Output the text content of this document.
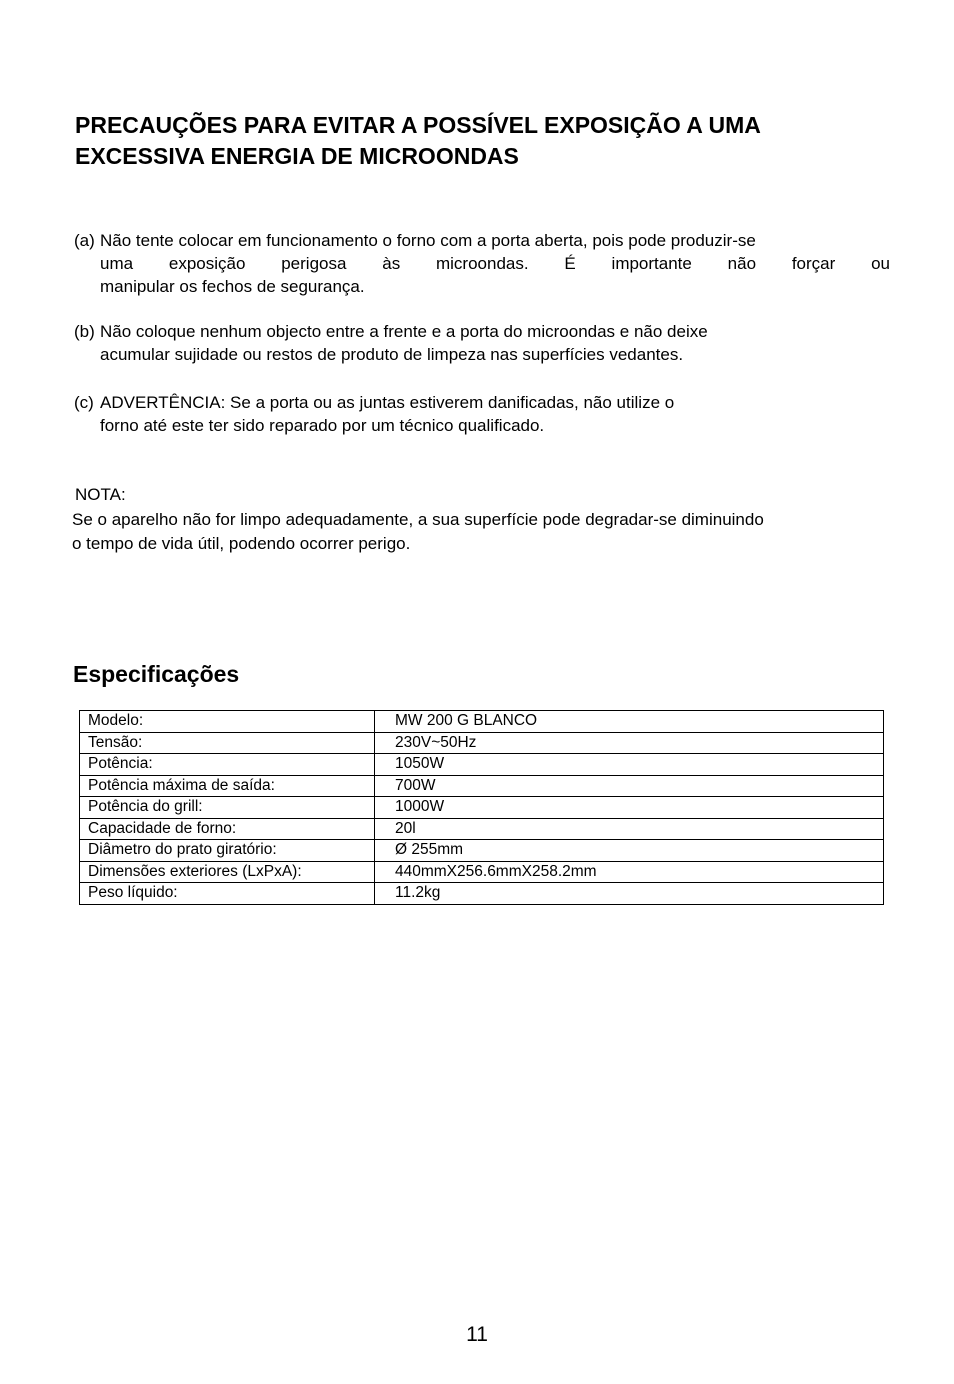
PRECAUÇÕES PARA EVITAR A POSSÍVEL EXPOSIÇÃO A UMA
EXCESSIVA ENERGIA DE MICROONDAS
(a) Não tente colocar em funcionamento o forno com a porta aberta, pois pode produzir-se
uma exposição perigosa às microondas. É importante não forçar ou
manipular os fechos de segurança.
(b) Não coloque nenhum objecto entre a frente e a porta do microondas e não deixe
acumular sujidade ou restos de produto de limpeza nas superfícies vedantes.
(c) ADVERTÊNCIA: Se a porta ou as juntas estiverem danificadas, não utilize o
forno até este ter sido reparado por um técnico qualificado.
NOTA:
Se o aparelho não for limpo adequadamente, a sua superfície pode degradar-se diminuindo
o tempo de vida útil, podendo ocorrer perigo.
Especificações
Modelo:	MW 200 G BLANCO
Tensão:	230V~50Hz
Potência:	1050W
Potência máxima de saída:	700W
Potência do grill:	1000W
Capacidade de forno:	20l
Diâmetro do prato giratório:	Ø 255mm
Dimensões exteriores (LxPxA):	440mmX256.6mmX258.2mm
Peso líquido:	11.2kg
11
